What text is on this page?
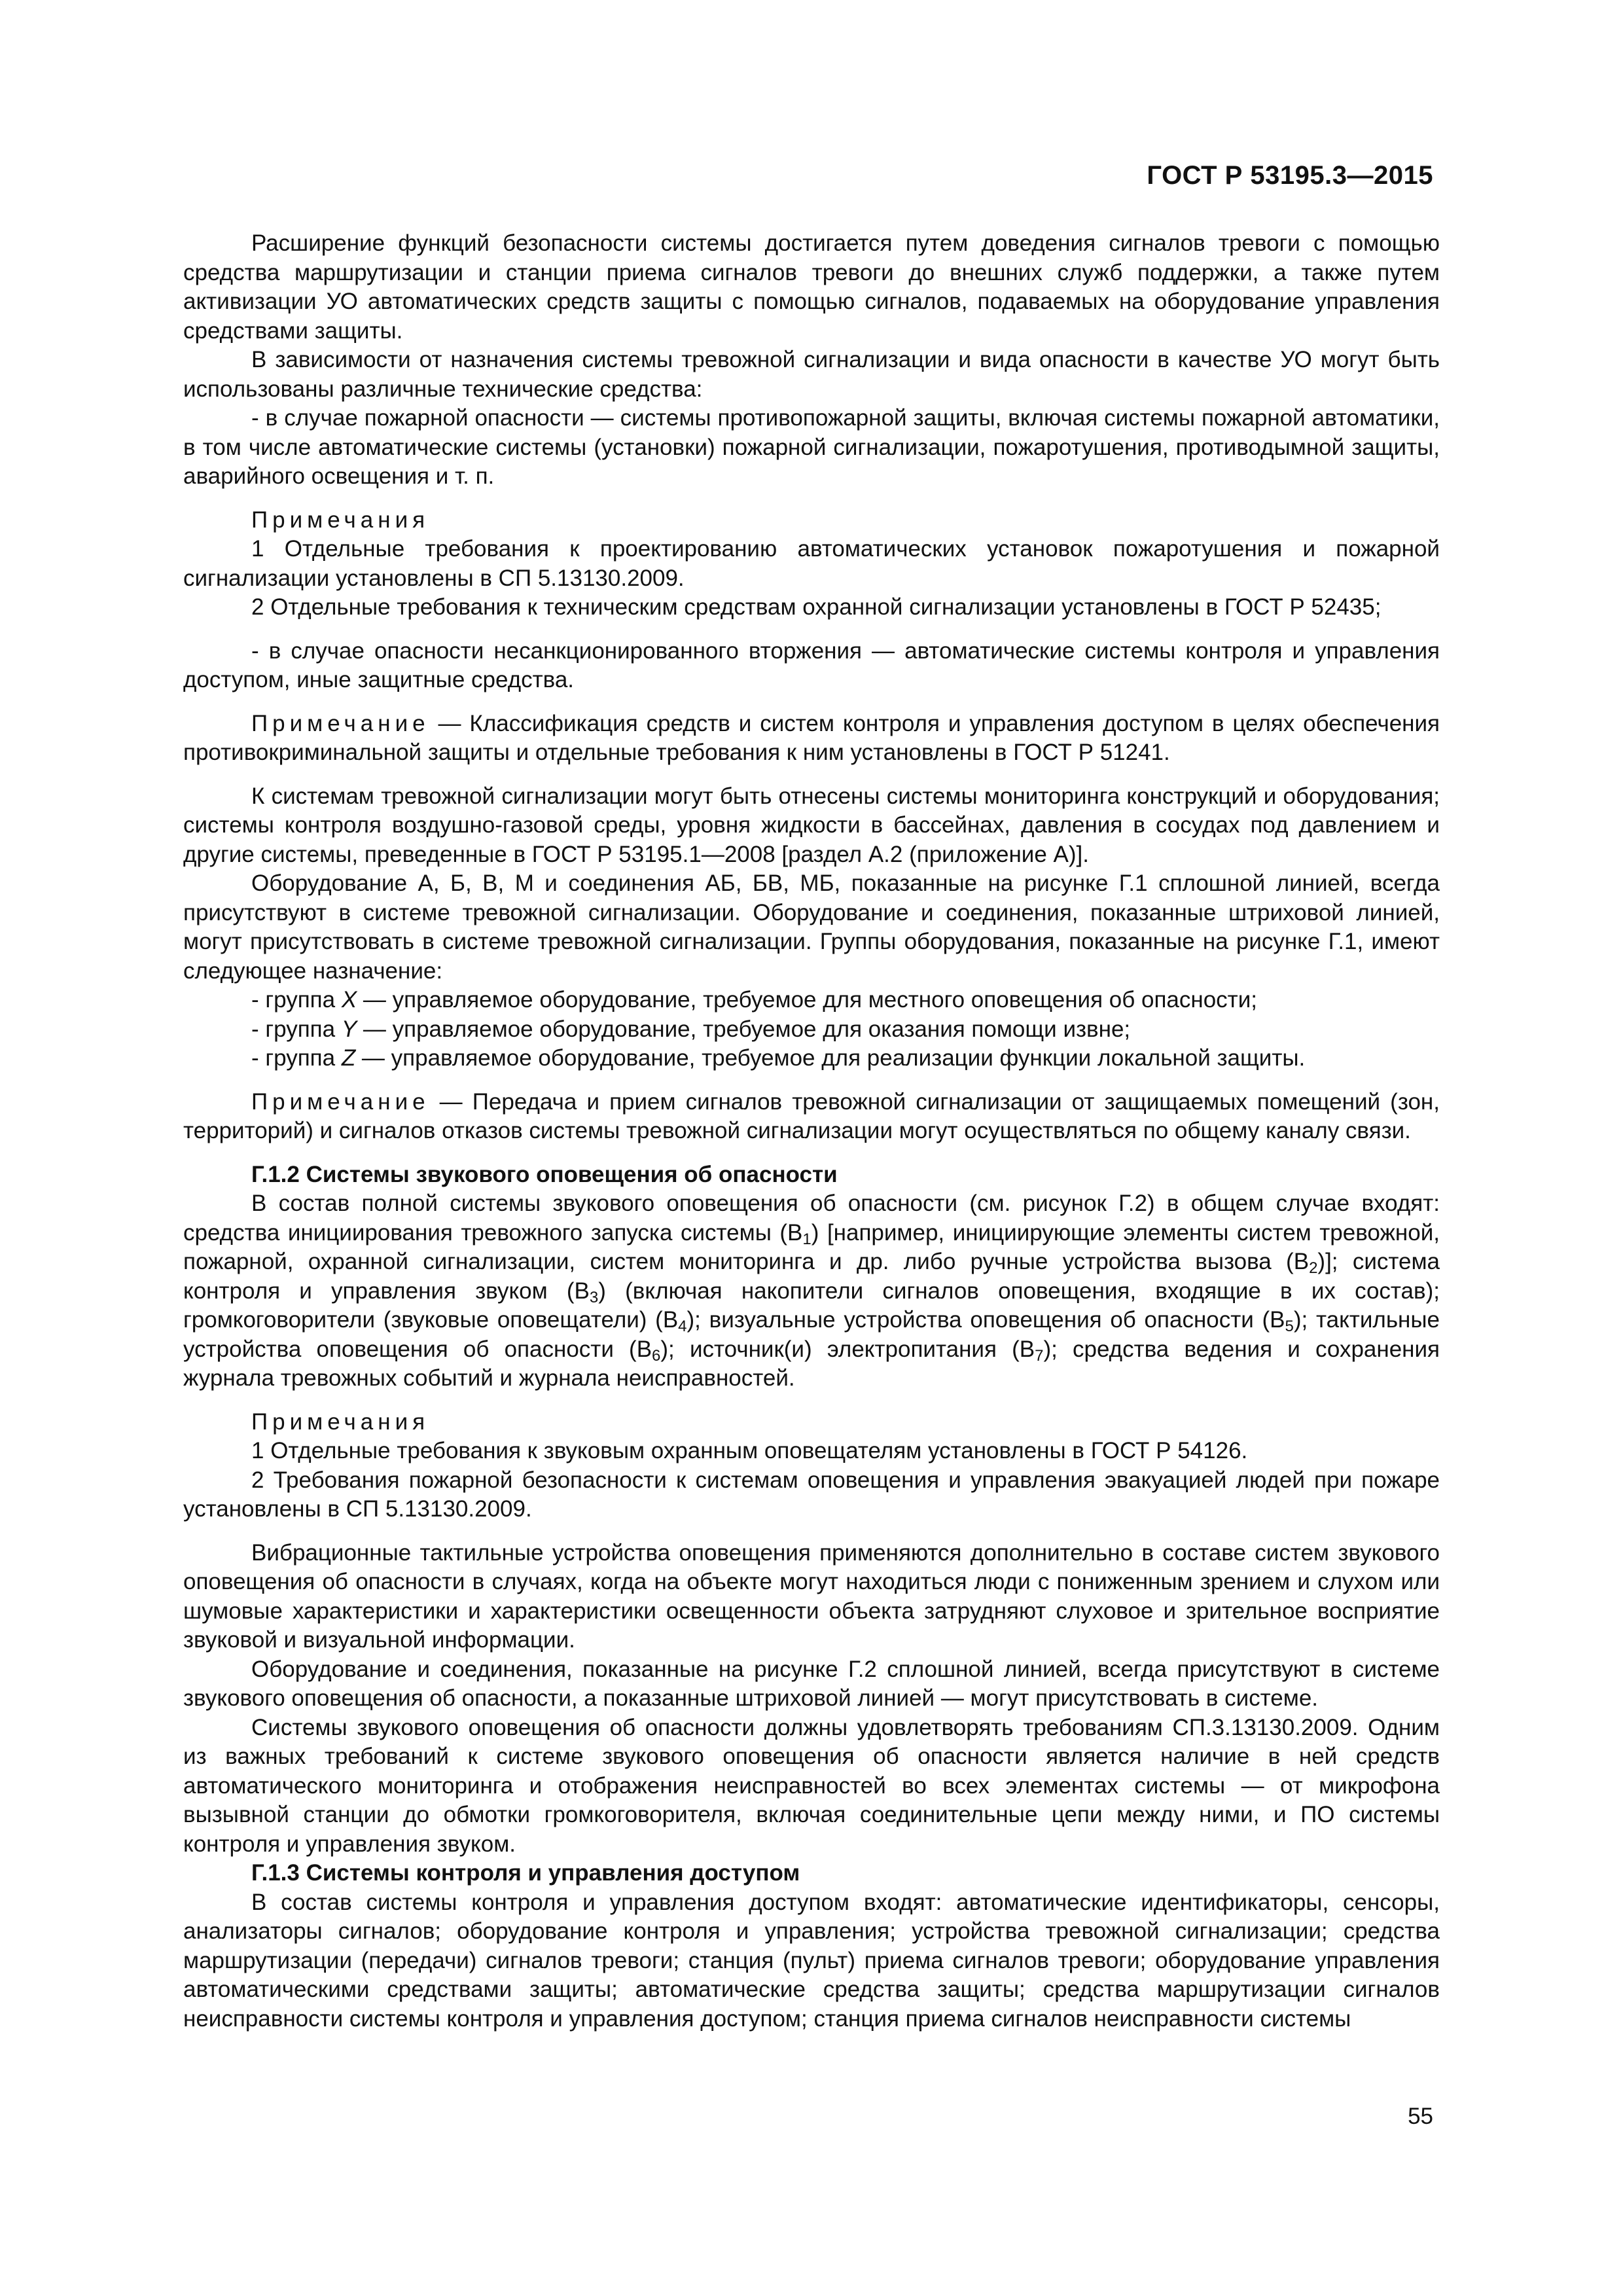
ГОСТ Р 53195.3—2015

Расширение функций безопасности системы достигается путем доведения сигналов тревоги с помощью средства маршрутизации и станции приема сигналов тревоги до внешних служб поддержки, а также путем активизации УО автоматических средств защиты с помощью сигналов, подаваемых на оборудование управления средствами защиты.

В зависимости от назначения системы тревожной сигнализации и вида опасности в качестве УО могут быть использованы различные технические средства:

- в случае пожарной опасности — системы противопожарной защиты, включая системы пожарной автоматики, в том числе автоматические системы (установки) пожарной сигнализации, пожаротушения, противодымной защиты, аварийного освещения и т. п.

Примечания

1 Отдельные требования к проектированию автоматических установок пожаротушения и пожарной сигнализации установлены в СП 5.13130.2009.

2 Отдельные требования к техническим средствам охранной сигнализации установлены в ГОСТ Р 52435;

- в случае опасности несанкционированного вторжения — автоматические системы контроля и управления доступом, иные защитные средства.

Примечание — Классификация средств и систем контроля и управления доступом в целях обеспечения противокриминальной защиты и отдельные требования к ним установлены в ГОСТ Р 51241.

К системам тревожной сигнализации могут быть отнесены системы мониторинга конструкций и оборудования; системы контроля воздушно-газовой среды, уровня жидкости в бассейнах, давления в сосудах под давлением и другие системы, преведенные в ГОСТ Р 53195.1—2008 [раздел А.2 (приложение А)].

Оборудование А, Б, В, М и соединения АБ, БВ, МБ, показанные на рисунке Г.1 сплошной линией, всегда присутствуют в системе тревожной сигнализации. Оборудование и соединения, показанные штриховой линией, могут присутствовать в системе тревожной сигнализации. Группы оборудования, показанные на рисунке Г.1, имеют следующее назначение:

- группа X — управляемое оборудование, требуемое для местного оповещения об опасности;

- группа Y — управляемое оборудование, требуемое для оказания помощи извне;

- группа Z — управляемое оборудование, требуемое для реализации функции локальной защиты.

Примечание — Передача и прием сигналов тревожной сигнализации от защищаемых помещений (зон, территорий) и сигналов отказов системы тревожной сигнализации могут осуществляться по общему каналу связи.

Г.1.2 Системы звукового оповещения об опасности

В состав полной системы звукового оповещения об опасности (см. рисунок Г.2) в общем случае входят: средства инициирования тревожного запуска системы $(В_1)$ [например, инициирующие элементы систем тревожной, пожарной, охранной сигнализации, систем мониторинга и др. либо ручные устройства вызова $(В_2)$]; система контроля и управления звуком $(В_3)$ (включая накопители сигналов оповещения, входящие в их состав); громкоговорители (звуковые оповещатели) $(В_4)$; визуальные устройства оповещения об опасности $(В_5)$; тактильные устройства оповещения об опасности $(В_6)$; источник(и) электропитания $(В_7)$; средства ведения и сохранения журнала тревожных событий и журнала неисправностей.

Примечания

1 Отдельные требования к звуковым охранным оповещателям установлены в ГОСТ Р 54126.

2 Требования пожарной безопасности к системам оповещения и управления эвакуацией людей при пожаре установлены в СП 5.13130.2009.

Вибрационные тактильные устройства оповещения применяются дополнительно в составе систем звукового оповещения об опасности в случаях, когда на объекте могут находиться люди с пониженным зрением и слухом или шумовые характеристики и характеристики освещенности объекта затрудняют слуховое и зрительное восприятие звуковой и визуальной информации.

Оборудование и соединения, показанные на рисунке Г.2 сплошной линией, всегда присутствуют в системе звукового оповещения об опасности, а показанные штриховой линией — могут присутствовать в системе.

Системы звукового оповещения об опасности должны удовлетворять требованиям СП.3.13130.2009. Одним из важных требований к системе звукового оповещения об опасности является наличие в ней средств автоматического мониторинга и отображения неисправностей во всех элементах системы — от микрофона вызывной станции до обмотки громкоговорителя, включая соединительные цепи между ними, и ПО системы контроля и управления звуком.

Г.1.3 Системы контроля и управления доступом

В состав системы контроля и управления доступом входят: автоматические идентификаторы, сенсоры, анализаторы сигналов; оборудование контроля и управления; устройства тревожной сигнализации; средства маршрутизации (передачи) сигналов тревоги; станция (пульт) приема сигналов тревоги; оборудование управления автоматическими средствами защиты; автоматические средства защиты; средства маршрутизации сигналов неисправности системы контроля и управления доступом; станция приема сигналов неисправности системы

55
